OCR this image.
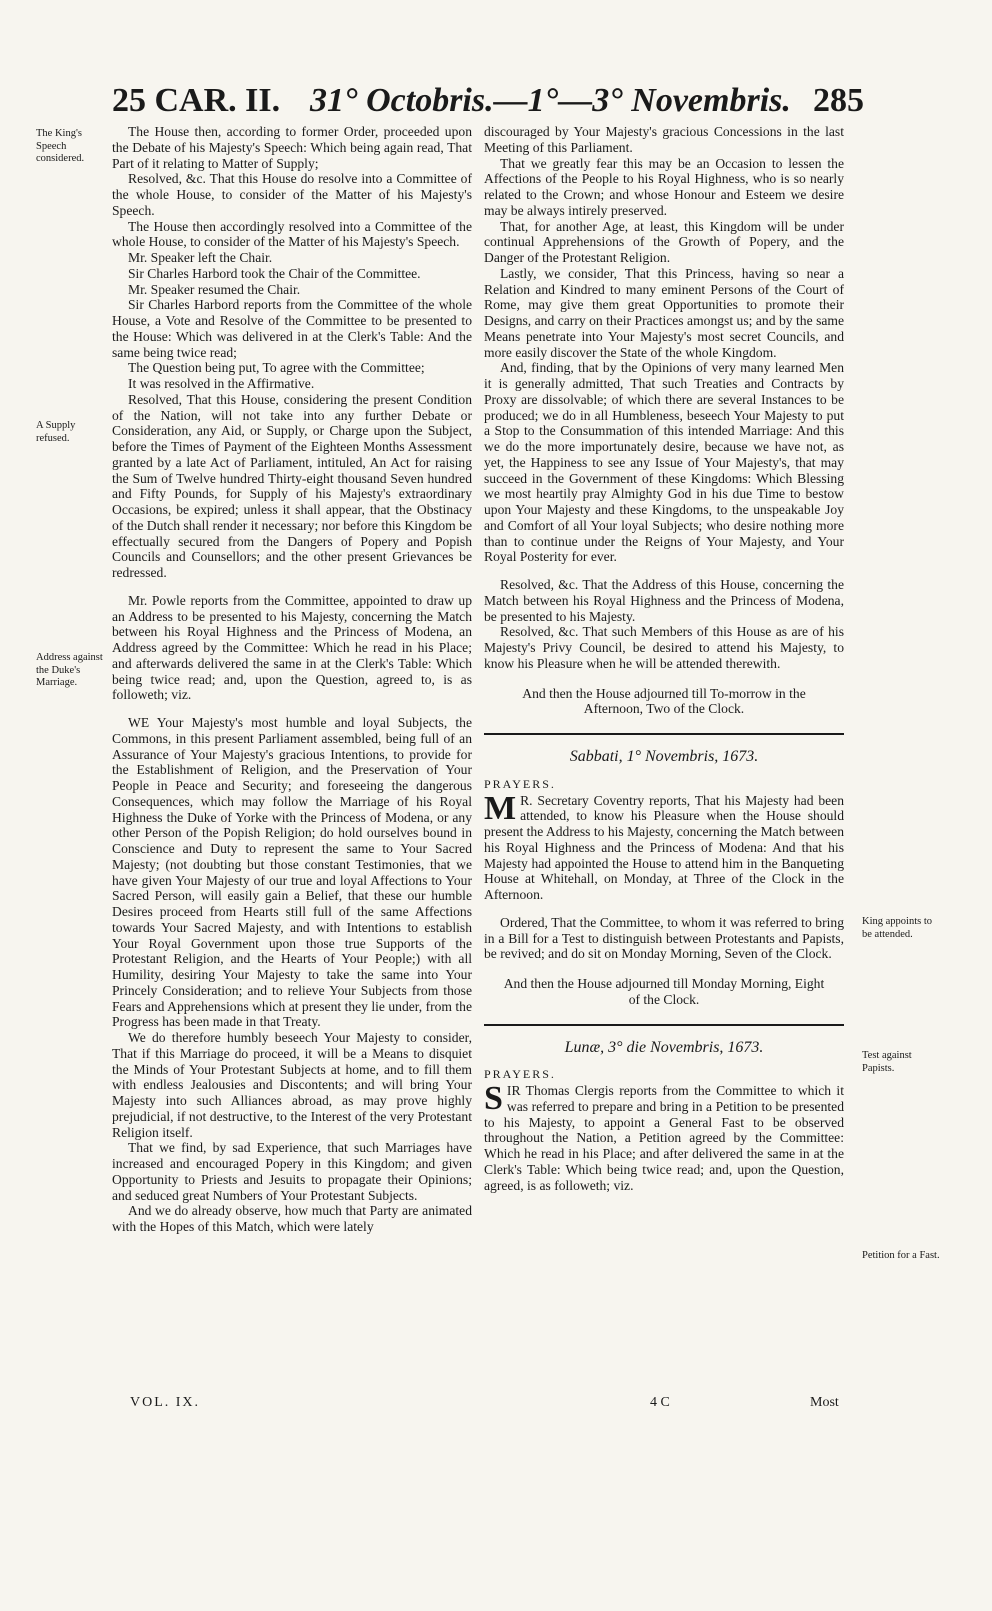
25 CAR. II. 31° Octobris.—1°—3° Novembris. 285
The King's Speech considered.
A Supply refused.
Address against the Duke's Marriage.
King appoints to be attended.
Test against Papists.
Petition for a Fast.

The House then, according to former Order, proceeded upon the Debate of his Majesty's Speech: Which being again read, That Part of it relating to Matter of Supply;

Resolved, &c. That this House do resolve into a Committee of the whole House, to consider of the Matter of his Majesty's Speech.

The House then accordingly resolved into a Committee of the whole House, to consider of the Matter of his Majesty's Speech.

Mr. Speaker left the Chair.

Sir Charles Harbord took the Chair of the Committee.

Mr. Speaker resumed the Chair.

Sir Charles Harbord reports from the Committee of the whole House, a Vote and Resolve of the Committee to be presented to the House: Which was delivered in at the Clerk's Table: And the same being twice read;

The Question being put, To agree with the Committee;

It was resolved in the Affirmative.

Resolved, That this House, considering the present Condition of the Nation, will not take into any further Debate or Consideration, any Aid, or Supply, or Charge upon the Subject, before the Times of Payment of the Eighteen Months Assessment granted by a late Act of Parliament, intituled, An Act for raising the Sum of Twelve hundred Thirty-eight thousand Seven hundred and Fifty Pounds, for Supply of his Majesty's extraordinary Occasions, be expired; unless it shall appear, that the Obstinacy of the Dutch shall render it necessary; nor before this Kingdom be effectually secured from the Dangers of Popery and Popish Councils and Counsellors; and the other present Grievances be redressed.

Mr. Powle reports from the Committee, appointed to draw up an Address to be presented to his Majesty, concerning the Match between his Royal Highness and the Princess of Modena, an Address agreed by the Committee: Which he read in his Place; and afterwards delivered the same in at the Clerk's Table: Which being twice read; and, upon the Question, agreed to, is as followeth; viz.

WE Your Majesty's most humble and loyal Subjects, the Commons, in this present Parliament assembled, being full of an Assurance of Your Majesty's gracious Intentions, to provide for the Establishment of Religion, and the Preservation of Your People in Peace and Security; and foreseeing the dangerous Consequences, which may follow the Marriage of his Royal Highness the Duke of Yorke with the Princess of Modena, or any other Person of the Popish Religion; do hold ourselves bound in Conscience and Duty to represent the same to Your Sacred Majesty; (not doubting but those constant Testimonies, that we have given Your Majesty of our true and loyal Affections to Your Sacred Person, will easily gain a Belief, that these our humble Desires proceed from Hearts still full of the same Affections towards Your Sacred Majesty, and with Intentions to establish Your Royal Government upon those true Supports of the Protestant Religion, and the Hearts of Your People;) with all Humility, desiring Your Majesty to take the same into Your Princely Consideration; and to relieve Your Subjects from those Fears and Apprehensions which at present they lie under, from the Progress has been made in that Treaty.

We do therefore humbly beseech Your Majesty to consider, That if this Marriage do proceed, it will be a Means to disquiet the Minds of Your Protestant Subjects at home, and to fill them with endless Jealousies and Discontents; and will bring Your Majesty into such Alliances abroad, as may prove highly prejudicial, if not destructive, to the Interest of the very Protestant Religion itself.

That we find, by sad Experience, that such Marriages have increased and encouraged Popery in this Kingdom; and given Opportunity to Priests and Jesuits to propagate their Opinions; and seduced great Numbers of Your Protestant Subjects.

And we do already observe, how much that Party are animated with the Hopes of this Match, which were lately

discouraged by Your Majesty's gracious Concessions in the last Meeting of this Parliament.

That we greatly fear this may be an Occasion to lessen the Affections of the People to his Royal Highness, who is so nearly related to the Crown; and whose Honour and Esteem we desire may be always intirely preserved.

That, for another Age, at least, this Kingdom will be under continual Apprehensions of the Growth of Popery, and the Danger of the Protestant Religion.

Lastly, we consider, That this Princess, having so near a Relation and Kindred to many eminent Persons of the Court of Rome, may give them great Opportunities to promote their Designs, and carry on their Practices amongst us; and by the same Means penetrate into Your Majesty's most secret Councils, and more easily discover the State of the whole Kingdom.

And, finding, that by the Opinions of very many learned Men it is generally admitted, That such Treaties and Contracts by Proxy are dissolvable; of which there are several Instances to be produced; we do in all Humbleness, beseech Your Majesty to put a Stop to the Consummation of this intended Marriage: And this we do the more importunately desire, because we have not, as yet, the Happiness to see any Issue of Your Majesty's, that may succeed in the Government of these Kingdoms: Which Blessing we most heartily pray Almighty God in his due Time to bestow upon Your Majesty and these Kingdoms, to the unspeakable Joy and Comfort of all Your loyal Subjects; who desire nothing more than to continue under the Reigns of Your Majesty, and Your Royal Posterity for ever.

Resolved, &c. That the Address of this House, concerning the Match between his Royal Highness and the Princess of Modena, be presented to his Majesty.

Resolved, &c. That such Members of this House as are of his Majesty's Privy Council, be desired to attend his Majesty, to know his Pleasure when he will be attended therewith.

And then the House adjourned till To-morrow in the Afternoon, Two of the Clock.

Sabbati, 1° Novembris, 1673.

PRAYERS.

M R. Secretary Coventry reports, That his Majesty had been attended, to know his Pleasure when the House should present the Address to his Majesty, concerning the Match between his Royal Highness and the Princess of Modena: And that his Majesty had appointed the House to attend him in the Banqueting House at Whitehall, on Monday, at Three of the Clock in the Afternoon.

Ordered, That the Committee, to whom it was referred to bring in a Bill for a Test to distinguish between Protestants and Papists, be revived; and do sit on Monday Morning, Seven of the Clock.

And then the House adjourned till Monday Morning, Eight of the Clock.

Lunæ, 3° die Novembris, 1673.

PRAYERS.

SIR Thomas Clergis reports from the Committee to which it was referred to prepare and bring in a Petition to be presented to his Majesty, to appoint a General Fast to be observed throughout the Nation, a Petition agreed by the Committee: Which he read in his Place; and after delivered the same in at the Clerk's Table: Which being twice read; and, upon the Question, agreed, is as followeth; viz.

VOL. IX.	4 C	Most
